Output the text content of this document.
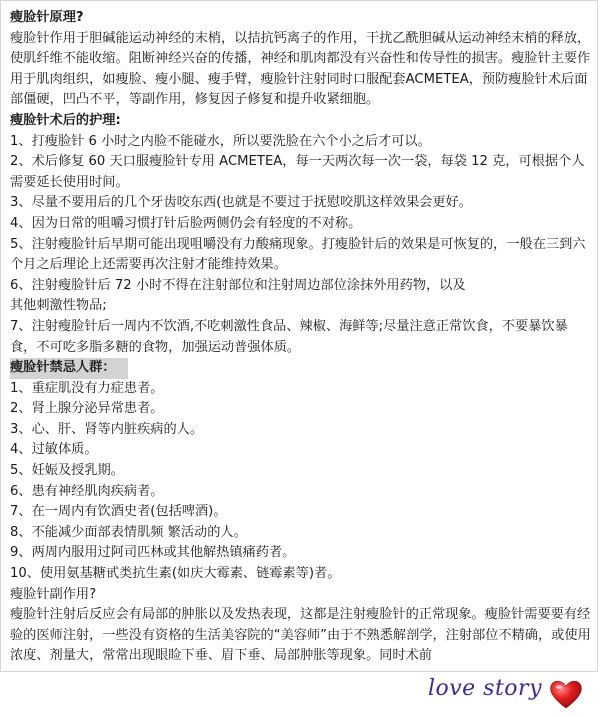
瘦脸针原理?

瘦脸针作用于胆碱能运动神经的末梢，以拮抗钙离子的作用，干扰乙酰胆碱从运动神经末梢的释放，使肌纤维不能收缩。阻断神经兴奋的传播，神经和肌肉都没有兴奋性和传导性的损害。瘦脸针主要作用于肌肉组织，如瘦脸、瘦小腿、瘦手臂，瘦脸针注射同时口服配套ACMETEA，预防瘦脸针术后面部僵硬，凹凸不平，等副作用，修复因子修复和提升收紧细胞。

瘦脸针术后的护理:

1、打瘦脸针 6 小时之内脸不能碰水，所以要洗脸在六个小之后才可以。

2、术后修复 60 天口服瘦脸针专用 ACMETEA，每一天两次每一次一袋，每袋 12 克，可根据个人需要延长使用时间。

3、尽量不要用后的几个牙齿咬东西(也就是不要过于抚慰咬肌这样效果会更好。

4、因为日常的咀嚼习惯打针后脸两侧仍会有轻度的不对称。

5、注射瘦脸针后早期可能出现咀嚼没有力酸痛现象。打瘦脸针后的效果是可恢复的，一般在三到六个月之后理论上还需要再次注射才能维持效果。

6、注射瘦脸针后 72 小时不得在注射部位和注射周边部位涂抹外用药物，以及

其他刺激性物品;

7、注射瘦脸针后一周内不饮酒,不吃刺激性食品、辣椒、海鲜等;尽量注意正常饮食，不要暴饮暴食，不可吃多脂多糖的食物，加强运动普强体质。

瘦脸针禁忌人群：

1、重症肌没有力症患者。

2、肾上腺分泌异常患者。

3、心、肝、肾等内脏疾病的人。

4、过敏体质。

5、妊娠及授乳期。

6、患有神经肌肉疾病者。

7、在一周内有饮酒史者(包括啤酒)。

8、不能减少面部表情肌频 繁活动的人。

9、两周内服用过阿司匹林或其他解热镇痛药者。

10、使用氨基糖甙类抗生素(如庆大霉素、链霉素等)者。

瘦脸针副作用?

瘦脸针注射后反应会有局部的肿胀以及发热表现，这都是注射瘦脸针的正常现象。瘦脸针需要要有经验的医师注射，一些没有资格的生活美容院的“美容师”由于不熟悉解剖学，注射部位不精确，或使用浓度、剂量大，常常出现眼睑下垂、眉下垂、局部肿胀等现象。同时术前

love story
